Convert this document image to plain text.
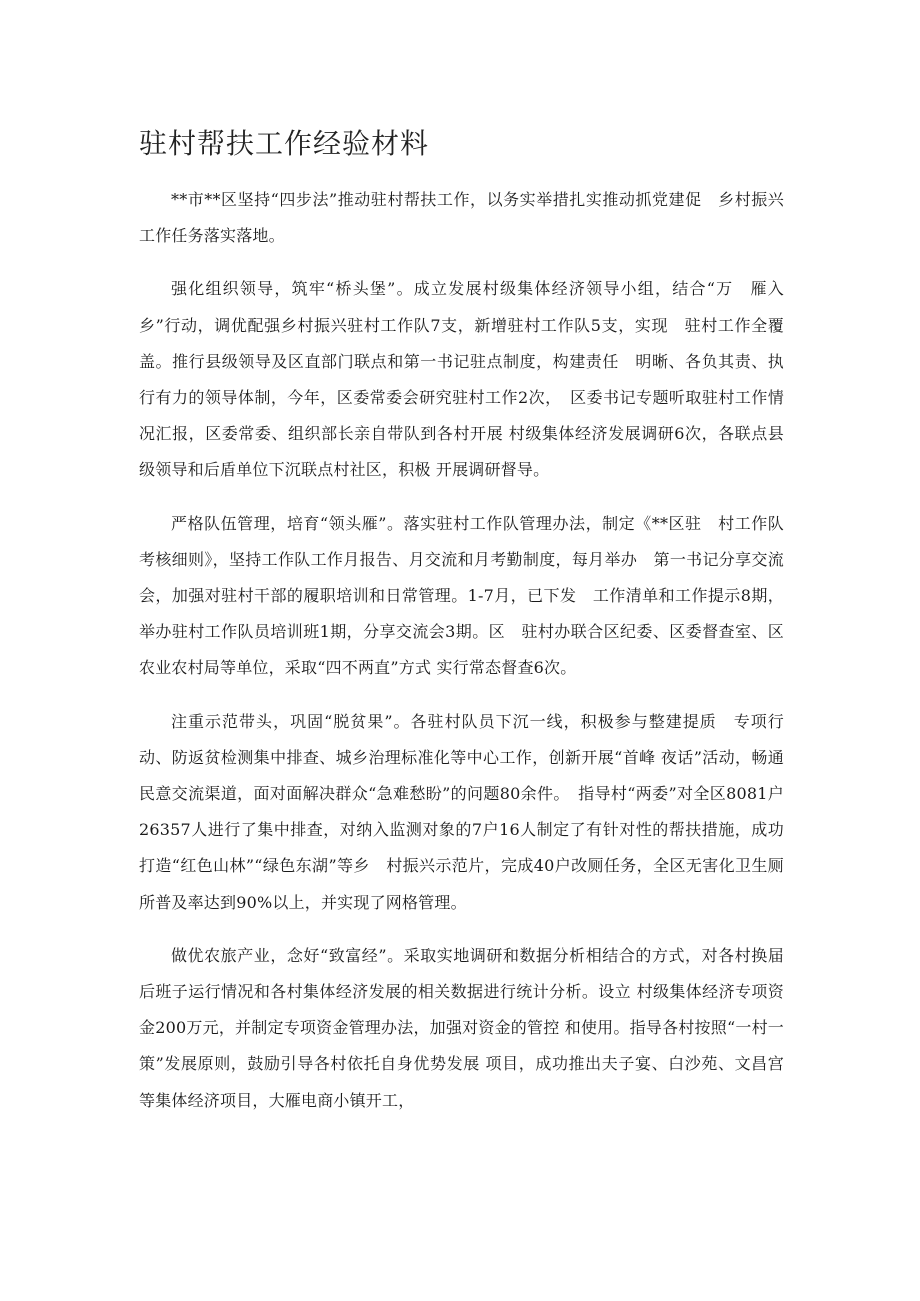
驻村帮扶工作经验材料

**市**区坚持“四步法”推动驻村帮扶工作，以务实举措扎实推动抓党建促　乡村振兴工作任务落实落地。

强化组织领导，筑牢“桥头堡”。成立发展村级集体经济领导小组，结合“万　雁入乡”行动，调优配强乡村振兴驻村工作队7支，新增驻村工作队5支，实现　驻村工作全覆盖。推行县级领导及区直部门联点和第一书记驻点制度，构建责任　明晰、各负其责、执行有力的领导体制，今年，区委常委会研究驻村工作2次，　区委书记专题听取驻村工作情况汇报，区委常委、组织部长亲自带队到各村开展 村级集体经济发展调研6次，各联点县级领导和后盾单位下沉联点村社区，积极 开展调研督导。

严格队伍管理，培育“领头雁”。落实驻村工作队管理办法，制定《**区驻　村工作队考核细则》，坚持工作队工作月报告、月交流和月考勤制度，每月举办　第一书记分享交流会，加强对驻村干部的履职培训和日常管理。1-7月，已下发　工作清单和工作提示8期，举办驻村工作队员培训班1期，分享交流会3期。区　驻村办联合区纪委、区委督查室、区农业农村局等单位，采取“四不两直”方式 实行常态督查6次。

注重示范带头，巩固“脱贫果”。各驻村队员下沉一线，积极参与整建提质　专项行动、防返贫检测集中排查、城乡治理标准化等中心工作，创新开展“首峰 夜话”活动，畅通民意交流渠道，面对面解决群众“急难愁盼”的问题80余件。　指导村“两委”对全区8081户26357人进行了集中排查，对纳入监测对象的7户16人制定了有针对性的帮扶措施，成功打造“红色山林”“绿色东湖”等乡　村振兴示范片，完成40户改厕任务，全区无害化卫生厕所普及率达到90%以上，并实现了网格管理。

做优农旅产业，念好“致富经”。采取实地调研和数据分析相结合的方式，对各村换届后班子运行情况和各村集体经济发展的相关数据进行统计分析。设立 村级集体经济专项资金200万元，并制定专项资金管理办法，加强对资金的管控 和使用。指导各村按照“一村一策”发展原则，鼓励引导各村依托自身优势发展 项目，成功推出夫子宴、白沙苑、文昌宫等集体经济项目，大雁电商小镇开工，
